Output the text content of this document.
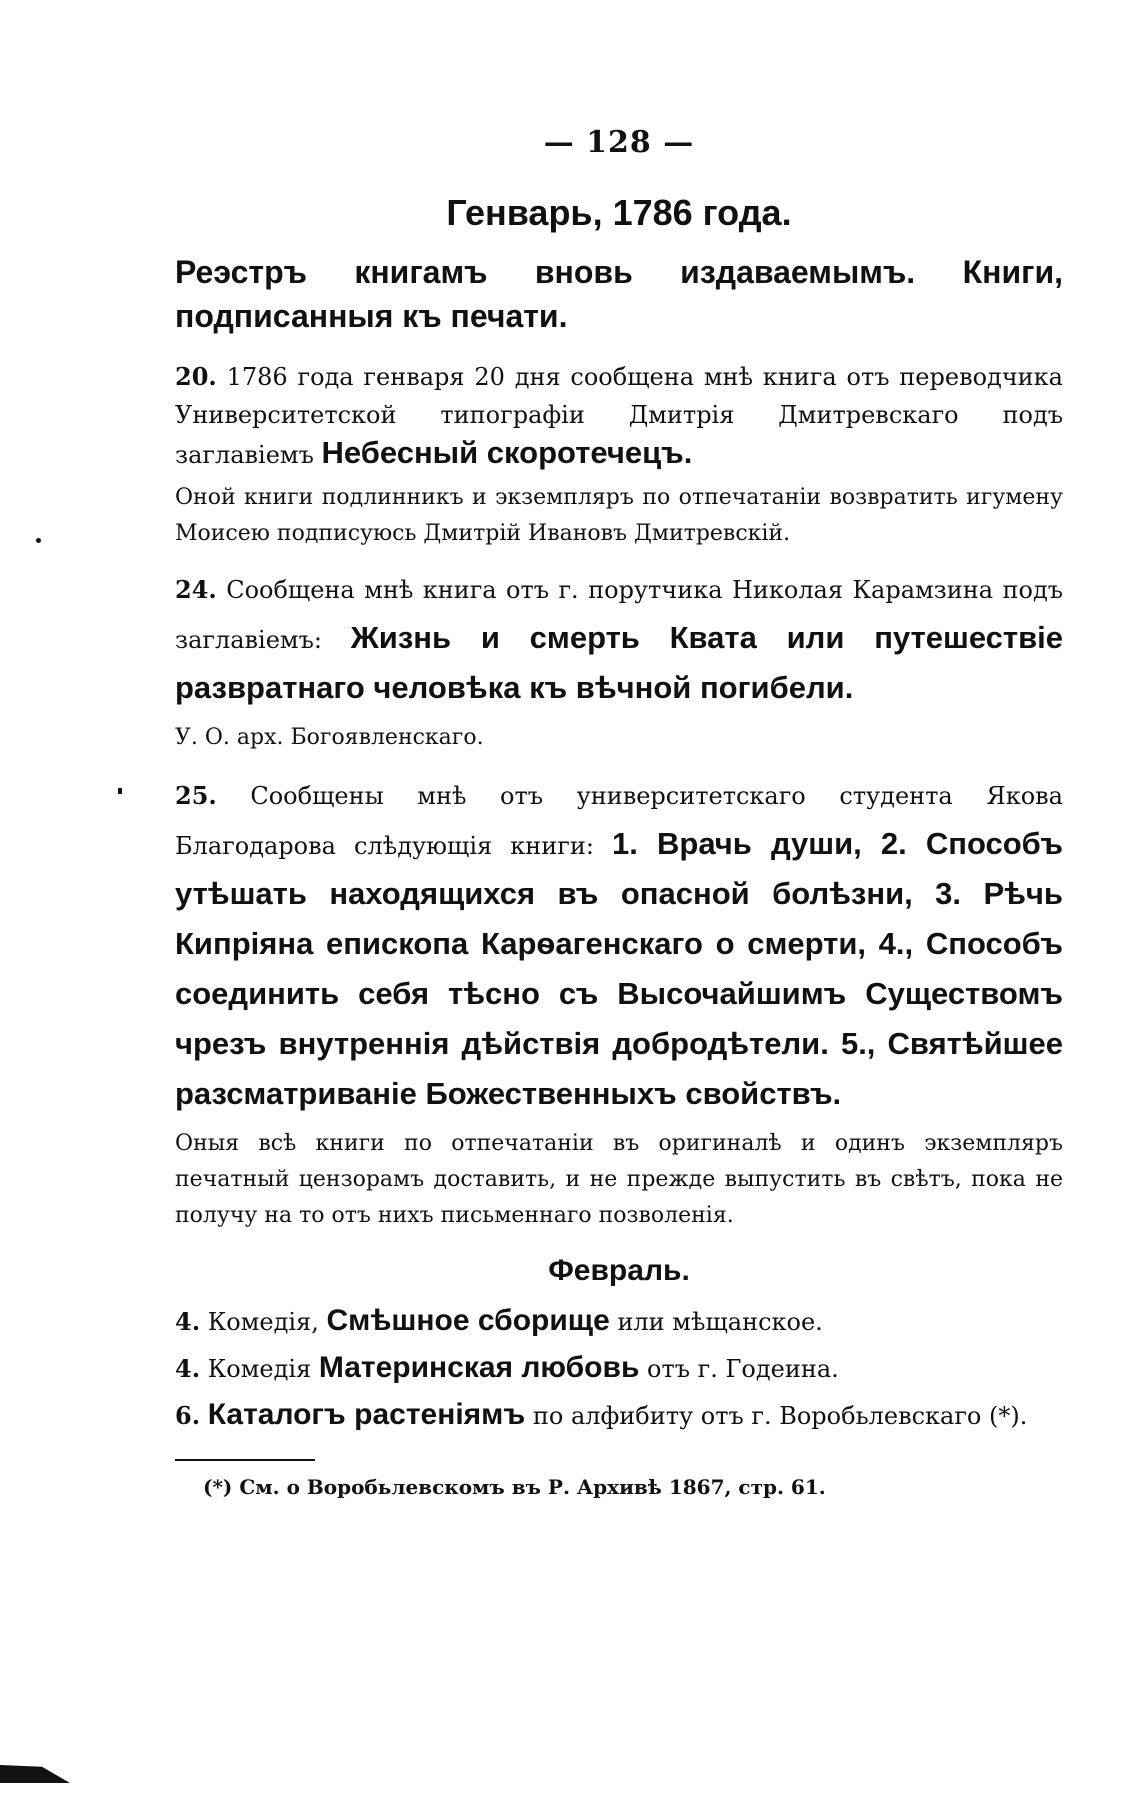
— 128 —
Генварь, 1786 года.
Реэстръ книгамъ вновь издаваемымъ. Книги, подписанныя къ печати.

20. 1786 года генваря 20 дня сообщена мнѣ книга отъ переводчика Университетской типографіи Дмитрія Дмитревскаго подъ заглавіемъ Небесный скоротечецъ.

Оной книги подлинникъ и экземпляръ по отпечатаніи возвратить игумену Моисею подписуюсь Дмитрій Ивановъ Дмитревскій.

24. Сообщена мнѣ книга отъ г. порутчика Николая Карамзина подъ заглавіемъ: Жизнь и смерть Квата или путешествіе развратнаго человѣка къ вѣчной погибели.

У. О. арх. Богоявленскаго.

25. Сообщены мнѣ отъ университетскаго студента Якова Благодарова слѣдующія книги: 1. Врачь души, 2. Способъ утѣшать находящихся въ опасной болѣзни, 3. Рѣчь Кипріяна епископа Карѳагенскаго о смерти, 4., Способъ соединить себя тѣсно съ Высочайшимъ Существомъ чрезъ внутреннія дѣйствія добродѣтели. 5., Святѣйшее разсматриваніе Божественныхъ свойствъ.

Оныя всѣ книги по отпечатаніи въ оригиналѣ и одинъ экземпляръ печатный цензорамъ доставить, и не прежде выпустить въ свѣтъ, пока не получу на то отъ нихъ письменнаго позволенія.

Февраль.

4. Комедія, Смѣшное сборище или мѣщанское.

4. Комедія Материнская любовь отъ г. Годеина.

6. Каталогъ растеніямъ по алфибиту отъ г. Воробьлевскаго (*).

(*) См. о Воробьлевскомъ въ Р. Архивѣ 1867, стр. 61.
